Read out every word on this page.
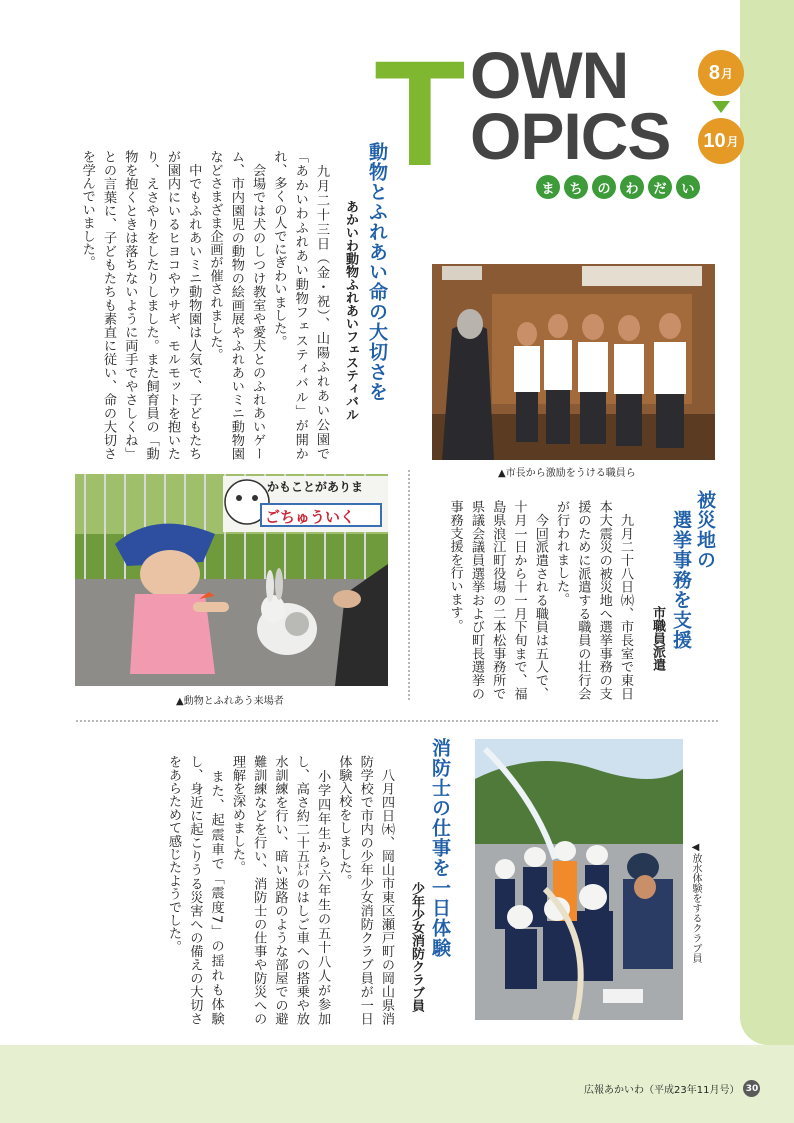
T OWN
OPICS
8 月
10 月
ま	ち	の	わ	だ	い
動物とふれあい命の大切さを
あかいわ動物ふれあいフェスティバル
　九月二十三日（金・祝）、山陽ふれあい公園で「あかいわふれあい動物フェスティバル」が開かれ、多くの人でにぎわいました。
　会場では犬のしつけ教室や愛犬とのふれあいゲーム、市内園児の動物の絵画展やふれあいミニ動物園などさまざま企画が催されました。
　中でもふれあいミニ動物園は人気で、子どもたちが園内にいるヒヨコやウサギ、モルモットを抱いたり、えさやりをしたりしました。また飼育員の「動物を抱くときは落ちないように両手でやさしくね」との言葉に、子どもたちも素直に従い、命の大切さを学んでいました。
かもことがありま
ごちゅういく
▲動物とふれあう来場者
▲市長から激励をうける職員ら
被災地の
選挙事務を支援
市職員派遣
　九月二十八日㈬、市長室で東日本大震災の被災地へ選挙事務の支援のために派遣する職員の壮行会が行われました。
　今回派遣される職員は五人で、十月一日から十一月下旬まで、福島県浪江町役場の二本松事務所で県議会議員選挙および町長選挙の事務支援を行います。
消防士の仕事を一日体験
少年少女消防クラブ員
　八月四日㈭、岡山市東区瀬戸町の岡山県消防学校で市内の少年少女消防クラブ員が一日体験入校をしました。
　小学四年生から六年生の五十八人が参加し、高さ約二十五㍍のはしご車への搭乗や放水訓練を行い、暗い迷路のような部屋での避難訓練などを行い、消防士の仕事や防災への理解を深めました。
　また、起震車で「震度7」の揺れも体験し、身近に起こりうる災害への備えの大切さをあらためて感じたようでした。	◀放水体験をするクラブ員
広報あかいわ（平成23年11月号） 30
